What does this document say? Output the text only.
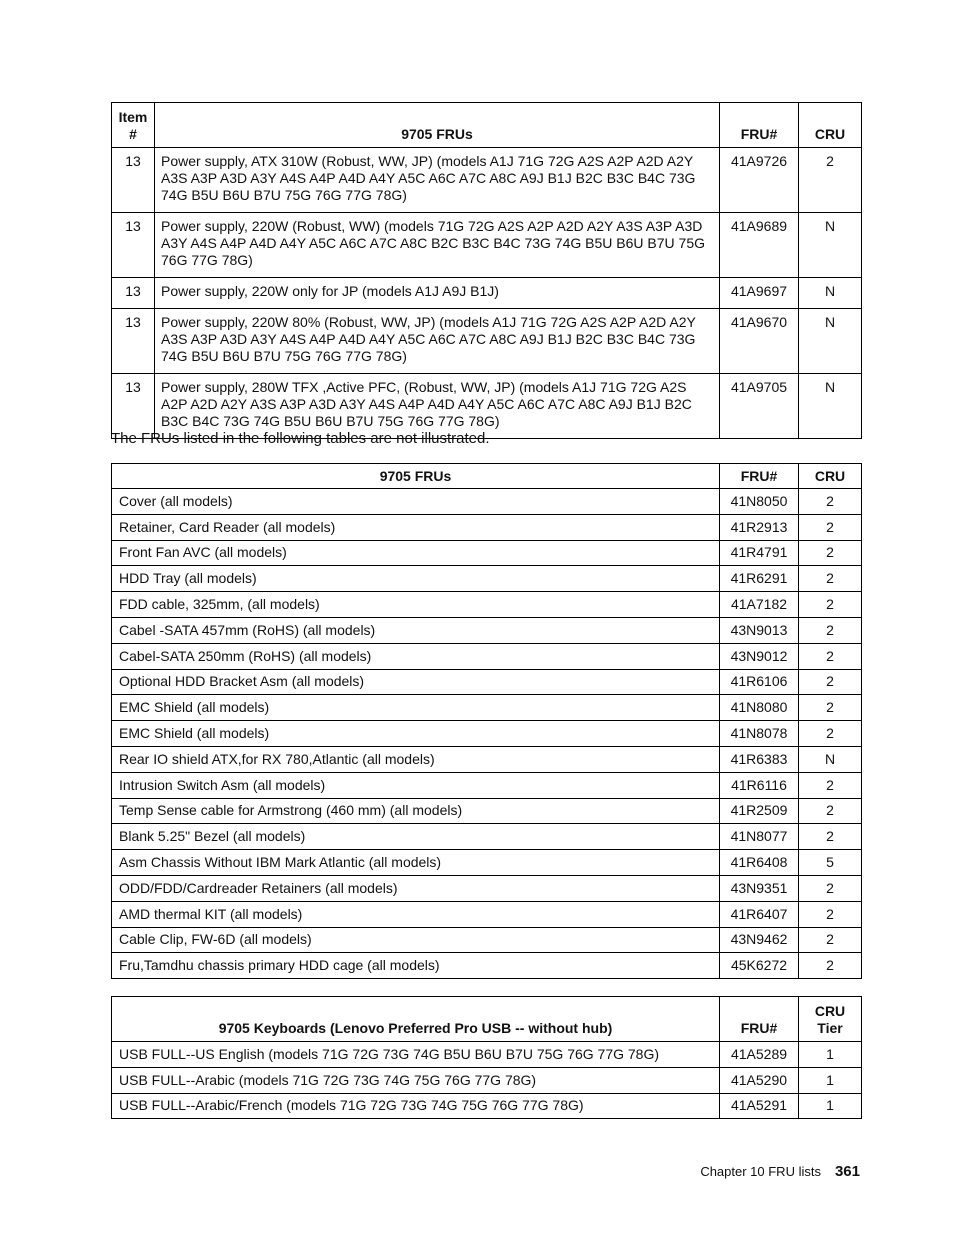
Item #	9705 FRUs	FRU#	CRU
13	Power supply, ATX 310W (Robust, WW, JP) (models A1J 71G 72G A2S A2P A2D A2Y A3S A3P A3D A3Y A4S A4P A4D A4Y A5C A6C A7C A8C A9J B1J B2C B3C B4C 73G 74G B5U B6U B7U 75G 76G 77G 78G)	41A9726	2
13	Power supply, 220W (Robust, WW) (models 71G 72G A2S A2P A2D A2Y A3S A3P A3D A3Y A4S A4P A4D A4Y A5C A6C A7C A8C B2C B3C B4C 73G 74G B5U B6U B7U 75G 76G 77G 78G)	41A9689	N
13	Power supply, 220W only for JP (models A1J A9J B1J)	41A9697	N
13	Power supply, 220W 80% (Robust, WW, JP) (models A1J 71G 72G A2S A2P A2D A2Y A3S A3P A3D A3Y A4S A4P A4D A4Y A5C A6C A7C A8C A9J B1J B2C B3C B4C 73G 74G B5U B6U B7U 75G 76G 77G 78G)	41A9670	N
13	Power supply, 280W TFX ,Active PFC, (Robust, WW, JP) (models A1J 71G 72G A2S A2P A2D A2Y A3S A3P A3D A3Y A4S A4P A4D A4Y A5C A6C A7C A8C A9J B1J B2C B3C B4C 73G 74G B5U B6U B7U 75G 76G 77G 78G)	41A9705	N

The FRUs listed in the following tables are not illustrated.

9705 FRUs	FRU#	CRU
Cover (all models)	41N8050	2
Retainer, Card Reader (all models)	41R2913	2
Front Fan AVC (all models)	41R4791	2
HDD Tray (all models)	41R6291	2
FDD cable, 325mm, (all models)	41A7182	2
Cabel -SATA 457mm (RoHS) (all models)	43N9013	2
Cabel-SATA 250mm (RoHS) (all models)	43N9012	2
Optional HDD Bracket Asm (all models)	41R6106	2
EMC Shield (all models)	41N8080	2
EMC Shield (all models)	41N8078	2
Rear IO shield ATX,for RX 780,Atlantic (all models)	41R6383	N
Intrusion Switch Asm (all models)	41R6116	2
Temp Sense cable for Armstrong (460 mm) (all models)	41R2509	2
Blank 5.25" Bezel (all models)	41N8077	2
Asm Chassis Without IBM Mark Atlantic (all models)	41R6408	5
ODD/FDD/Cardreader Retainers (all models)	43N9351	2
AMD thermal KIT (all models)	41R6407	2
Cable Clip, FW-6D (all models)	43N9462	2
Fru,Tamdhu chassis primary HDD cage (all models)	45K6272	2
9705 Keyboards (Lenovo Preferred Pro USB -- without hub)	FRU#	CRU Tier
USB FULL--US English (models 71G 72G 73G 74G B5U B6U B7U 75G 76G 77G 78G)	41A5289	1
USB FULL--Arabic (models 71G 72G 73G 74G 75G 76G 77G 78G)	41A5290	1
USB FULL--Arabic/French (models 71G 72G 73G 74G 75G 76G 77G 78G)	41A5291	1
Chapter 10 FRU lists 361
